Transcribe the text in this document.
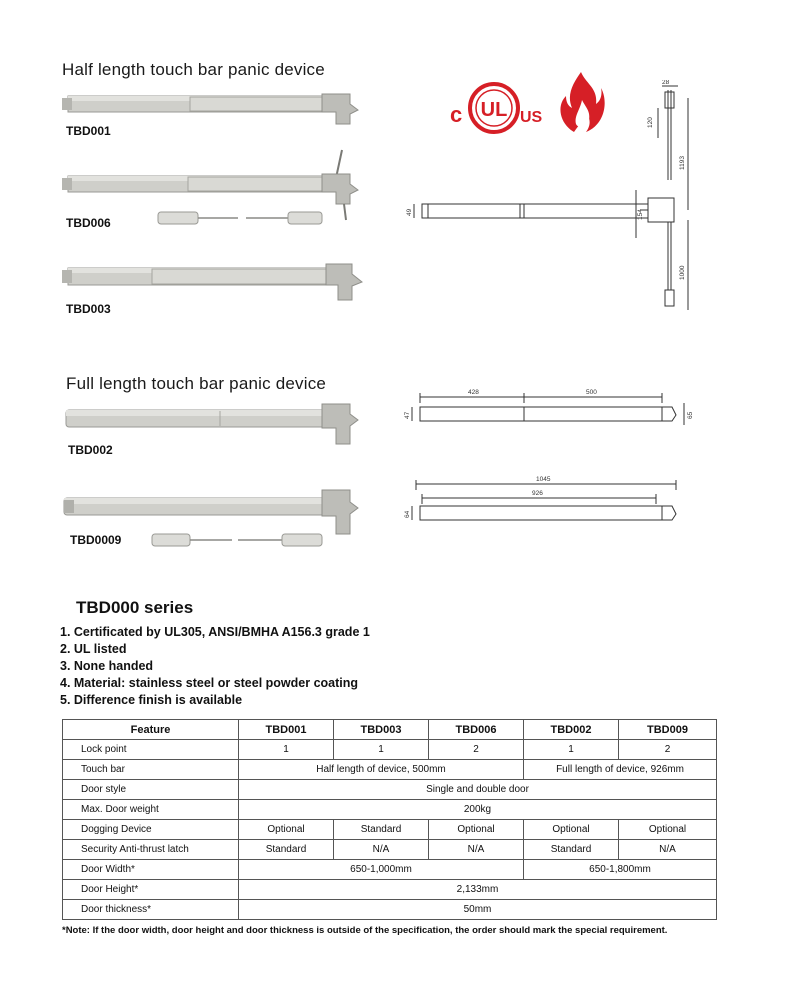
Half length touch bar panic device
Full length touch bar panic device
TBD001
TBD006
TBD003
TBD002
TBD0009
c UL US
28
120
1193
154
49
1000
428	500
47	65
1045
926
64
TBD000 series
1. Certificated by UL305, ANSI/BMHA A156.3 grade 1
2. UL listed
3. None handed
4. Material: stainless steel or steel powder coating
5. Difference finish is available
Feature	TBD001	TBD003	TBD006	TBD002	TBD009
Lock point	1	1	2	1	2
Touch bar	Half length of device, 500mm			Full length of device, 926mm	
Door style	Single and double door				
Max. Door weight	200kg				
Dogging Device	Optional	Standard	Optional	Optional	Optional
Security Anti-thrust latch	Standard	N/A	N/A	Standard	N/A
Door Width*	650-1,000mm			650-1,800mm	
Door Height*	2,133mm				
Door thickness*	50mm				
*Note: If the door width, door height and door thickness is outside of the specification, the order should mark the special requirement.
